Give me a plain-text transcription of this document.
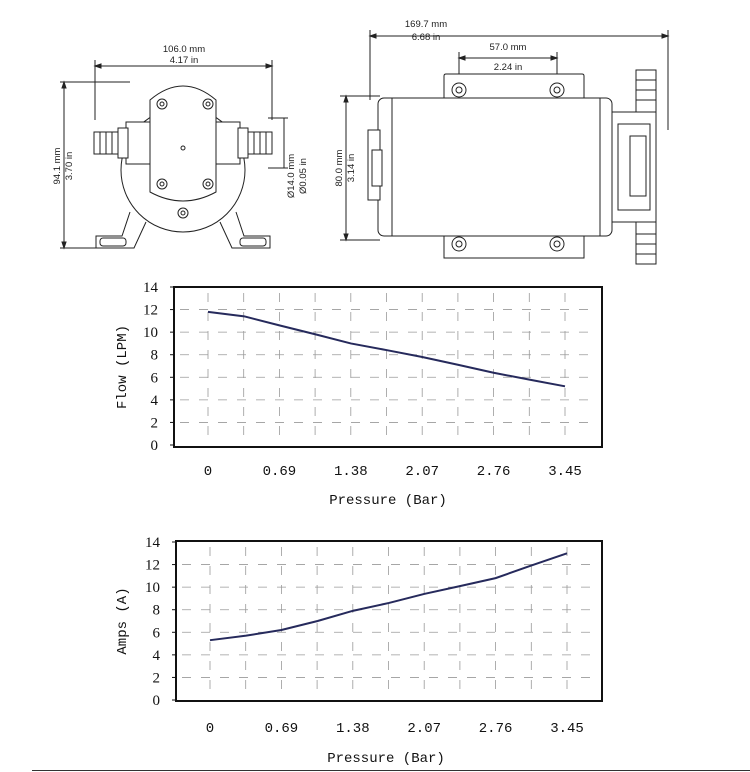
106.0 mm
4.17 in
94.1 mm 3.70 in	Ø14.0 mm Ø0.05 in
169.7 mm
6.68 in
57.0 mm
2.24 in
80.0 mm 3.14 in
0
2
4
6
8
10
12
14
0	0.69	1.38	2.07	2.76	3.45
Pressure (Bar)
Flow (LPM)
0
2
4
6
8
10
12
14
0	0.69	1.38	2.07	2.76	3.45
Pressure (Bar)
Amps (A)
